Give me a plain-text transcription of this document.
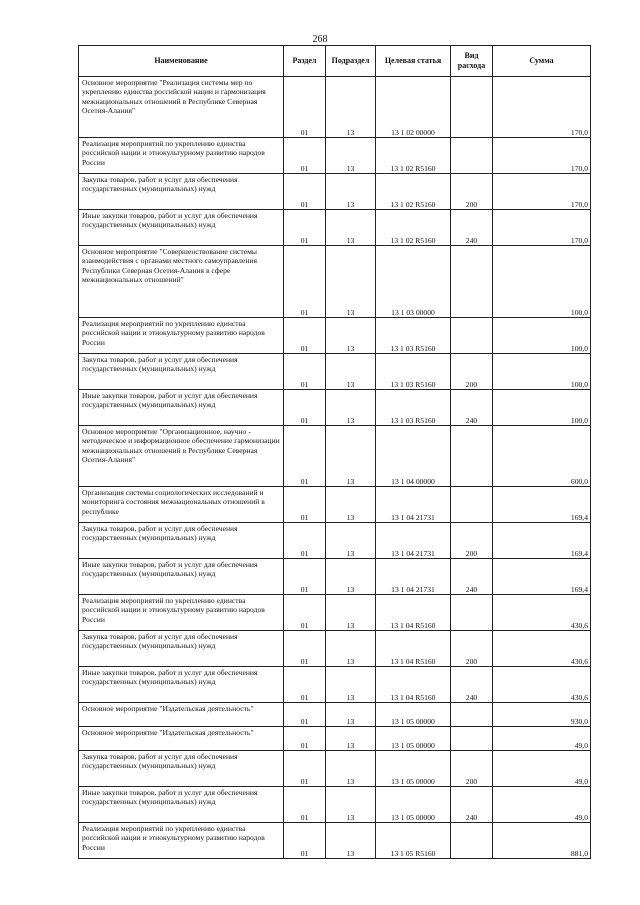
268
Наименование	Раздел	Подраздел	Целевая статья	Вид расхода	Сумма
Основное мероприятие "Реализация системы мер по укреплению единства российской нации и гармонизация межнациональных отношений в Республике Северная Осетия-Алания"	01	13	13 1 02 00000		170,0
Реализация мероприятий по укреплению единства российской нации и этнокультурному развитию народов России	01	13	13 1 02 R5160		170,0
Закупка товаров, работ и услуг для обеспечения государственных (муниципальных) нужд	01	13	13 1 02 R5160	200	170,0
Иные закупки товаров, работ и услуг для обеспечения государственных (муниципальных) нужд	01	13	13 1 02 R5160	240	170,0
Основное мероприятие "Совершенствование системы взаимодействия с органами местного самоуправления Республики Северная Осетия-Алания в сфере межнациональных отношений"	01	13	13 1 03 00000		100,0
Реализация мероприятий по укреплению единства российской нации и этнокультурному развитию народов России	01	13	13 1 03 R5160		100,0
Закупка товаров, работ и услуг для обеспечения государственных (муниципальных) нужд	01	13	13 1 03 R5160	200	100,0
Иные закупки товаров, работ и услуг для обеспечения государственных (муниципальных) нужд	01	13	13 1 03 R5160	240	100,0
Основное мероприятие "Организационное, научно - методическое и информационное обеспечение гармонизации межнациональных отношений в Республике Северная Осетия-Алания"	01	13	13 1 04 00000		600,0
Организация системы социологических исследований и мониторинга состояния межнациональных отношений в республике	01	13	13 1 04 21731		169,4
Закупка товаров, работ и услуг для обеспечения государственных (муниципальных) нужд	01	13	13 1 04 21731	200	169,4
Иные закупки товаров, работ и услуг для обеспечения государственных (муниципальных) нужд	01	13	13 1 04 21731	240	169,4
Реализация мероприятий по укреплению единства российской нации и этнокультурному развитию народов России	01	13	13 1 04 R5160		430,6
Закупка товаров, работ и услуг для обеспечения государственных (муниципальных) нужд	01	13	13 1 04 R5160	200	430,6
Иные закупки товаров, работ и услуг для обеспечения государственных (муниципальных) нужд	01	13	13 1 04 R5160	240	430,6
Основное мероприятие "Издательская деятельность"	01	13	13 1 05 00000		930,0
Основное мероприятие "Издательская деятельность"	01	13	13 1 05 00000		49,0
Закупка товаров, работ и услуг для обеспечения государственных (муниципальных) нужд	01	13	13 1 05 00000	200	49,0
Иные закупки товаров, работ и услуг для обеспечения государственных (муниципальных) нужд	01	13	13 1 05 00000	240	49,0
Реализация мероприятий по укреплению единства российской нации и этнокультурному развитию народов России	01	13	13 1 05 R5160		881,0
